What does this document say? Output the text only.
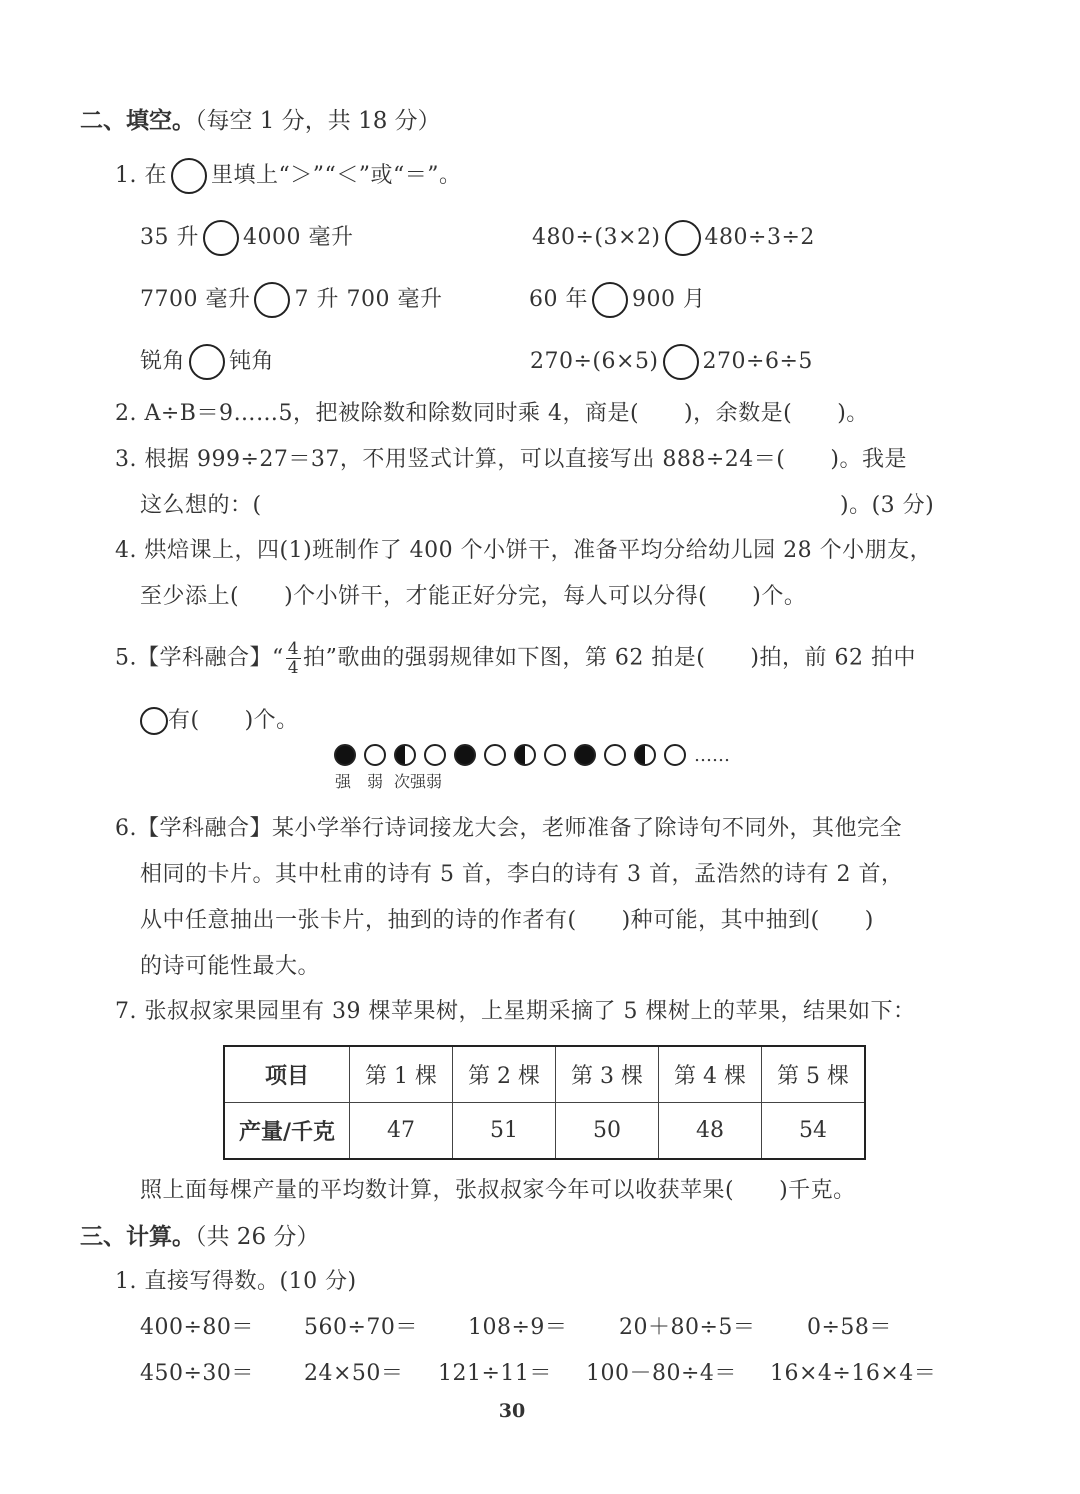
二、填空。（每空 1 分，共 18 分）
1. 在 里填上“＞”“＜”或“＝”。
35 升 4000 毫升	480÷(3×2) 480÷3÷2
7700 毫升 7 升 700 毫升	60 年 900 月
锐角 钝角	270÷(6×5) 270÷6÷5
2. A÷B＝9……5，把被除数和除数同时乘 4，商是(　　)，余数是(　　)。
3. 根据 999÷27＝37，不用竖式计算，可以直接写出 888÷24＝(　　)。我是
这么想的：(	)。(3 分)
4. 烘焙课上，四(1)班制作了 400 个小饼干，准备平均分给幼儿园 28 个小朋友，
至少添上(　　)个小饼干，才能正好分完，每人可以分得(　　)个。
5.【学科融合】“ $\frac{4}{4}$ 拍”歌曲的强弱规律如下图，第 62 拍是(　　)拍，前 62 拍中
有(　　)个。
……
强 弱 次强弱
6.【学科融合】某小学举行诗词接龙大会，老师准备了除诗句不同外，其他完全
相同的卡片。其中杜甫的诗有 5 首，李白的诗有 3 首，孟浩然的诗有 2 首，
从中任意抽出一张卡片，抽到的诗的作者有(　　)种可能，其中抽到(　　)
的诗可能性最大。
7. 张叔叔家果园里有 39 棵苹果树，上星期采摘了 5 棵树上的苹果，结果如下：
项目	第 1 棵	第 2 棵	第 3 棵	第 4 棵	第 5 棵
产量/千克	47	51	50	48	54
照上面每棵产量的平均数计算，张叔叔家今年可以收获苹果(　　)千克。
三、计算。（共 26 分）
1. 直接写得数。(10 分)
400÷80＝ 560÷70＝ 108÷9＝ 20＋80÷5＝ 0÷58＝
450÷30＝ 24×50＝ 121÷11＝ 100－80÷4＝ 16×4÷16×4＝
30
